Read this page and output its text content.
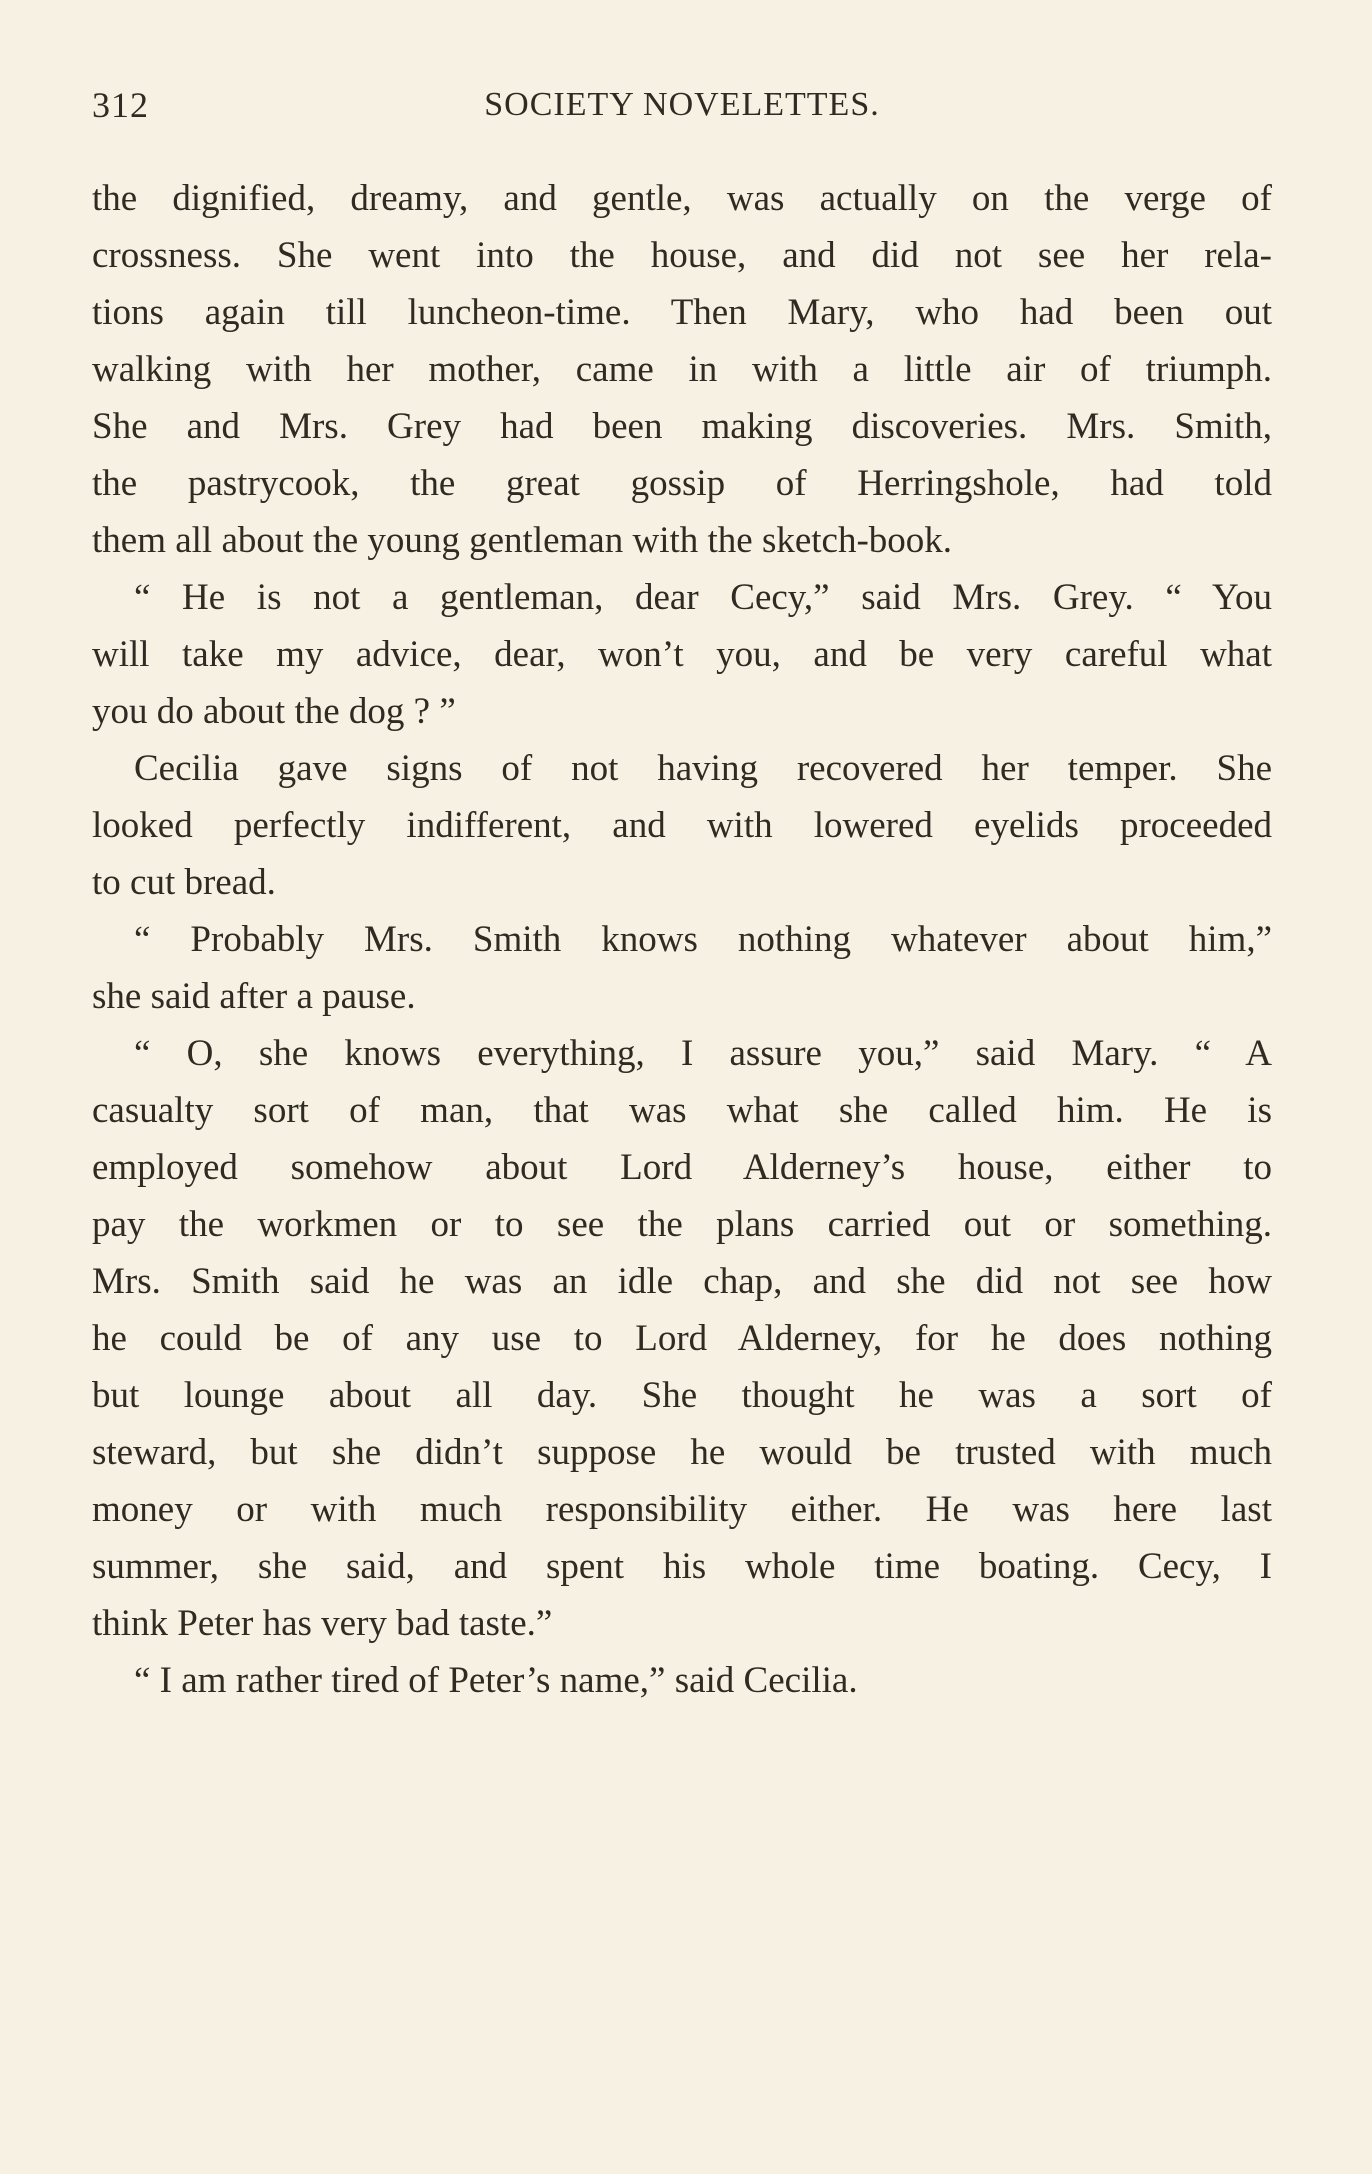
312	SOCIETY NOVELETTES.
the dignified, dreamy, and gentle, was actually on the verge of
crossness. She went into the house, and did not see her rela-
tions again till luncheon-time. Then Mary, who had been out
walking with her mother, came in with a little air of triumph.
She and Mrs. Grey had been making discoveries. Mrs. Smith,
the pastrycook, the great gossip of Herringshole, had told
them all about the young gentleman with the sketch-book.
“ He is not a gentleman, dear Cecy,” said Mrs. Grey. “ You
will take my advice, dear, won’t you, and be very careful what
you do about the dog ? ”
Cecilia gave signs of not having recovered her temper. She
looked perfectly indifferent, and with lowered eyelids proceeded
to cut bread.
“ Probably Mrs. Smith knows nothing whatever about him,”
she said after a pause.
“ O, she knows everything, I assure you,” said Mary. “ A
casualty sort of man, that was what she called him. He is
employed somehow about Lord Alderney’s house, either to
pay the workmen or to see the plans carried out or something.
Mrs. Smith said he was an idle chap, and she did not see how
he could be of any use to Lord Alderney, for he does nothing
but lounge about all day. She thought he was a sort of
steward, but she didn’t suppose he would be trusted with much
money or with much responsibility either. He was here last
summer, she said, and spent his whole time boating. Cecy, I
think Peter has very bad taste.”
“ I am rather tired of Peter’s name,” said Cecilia.
